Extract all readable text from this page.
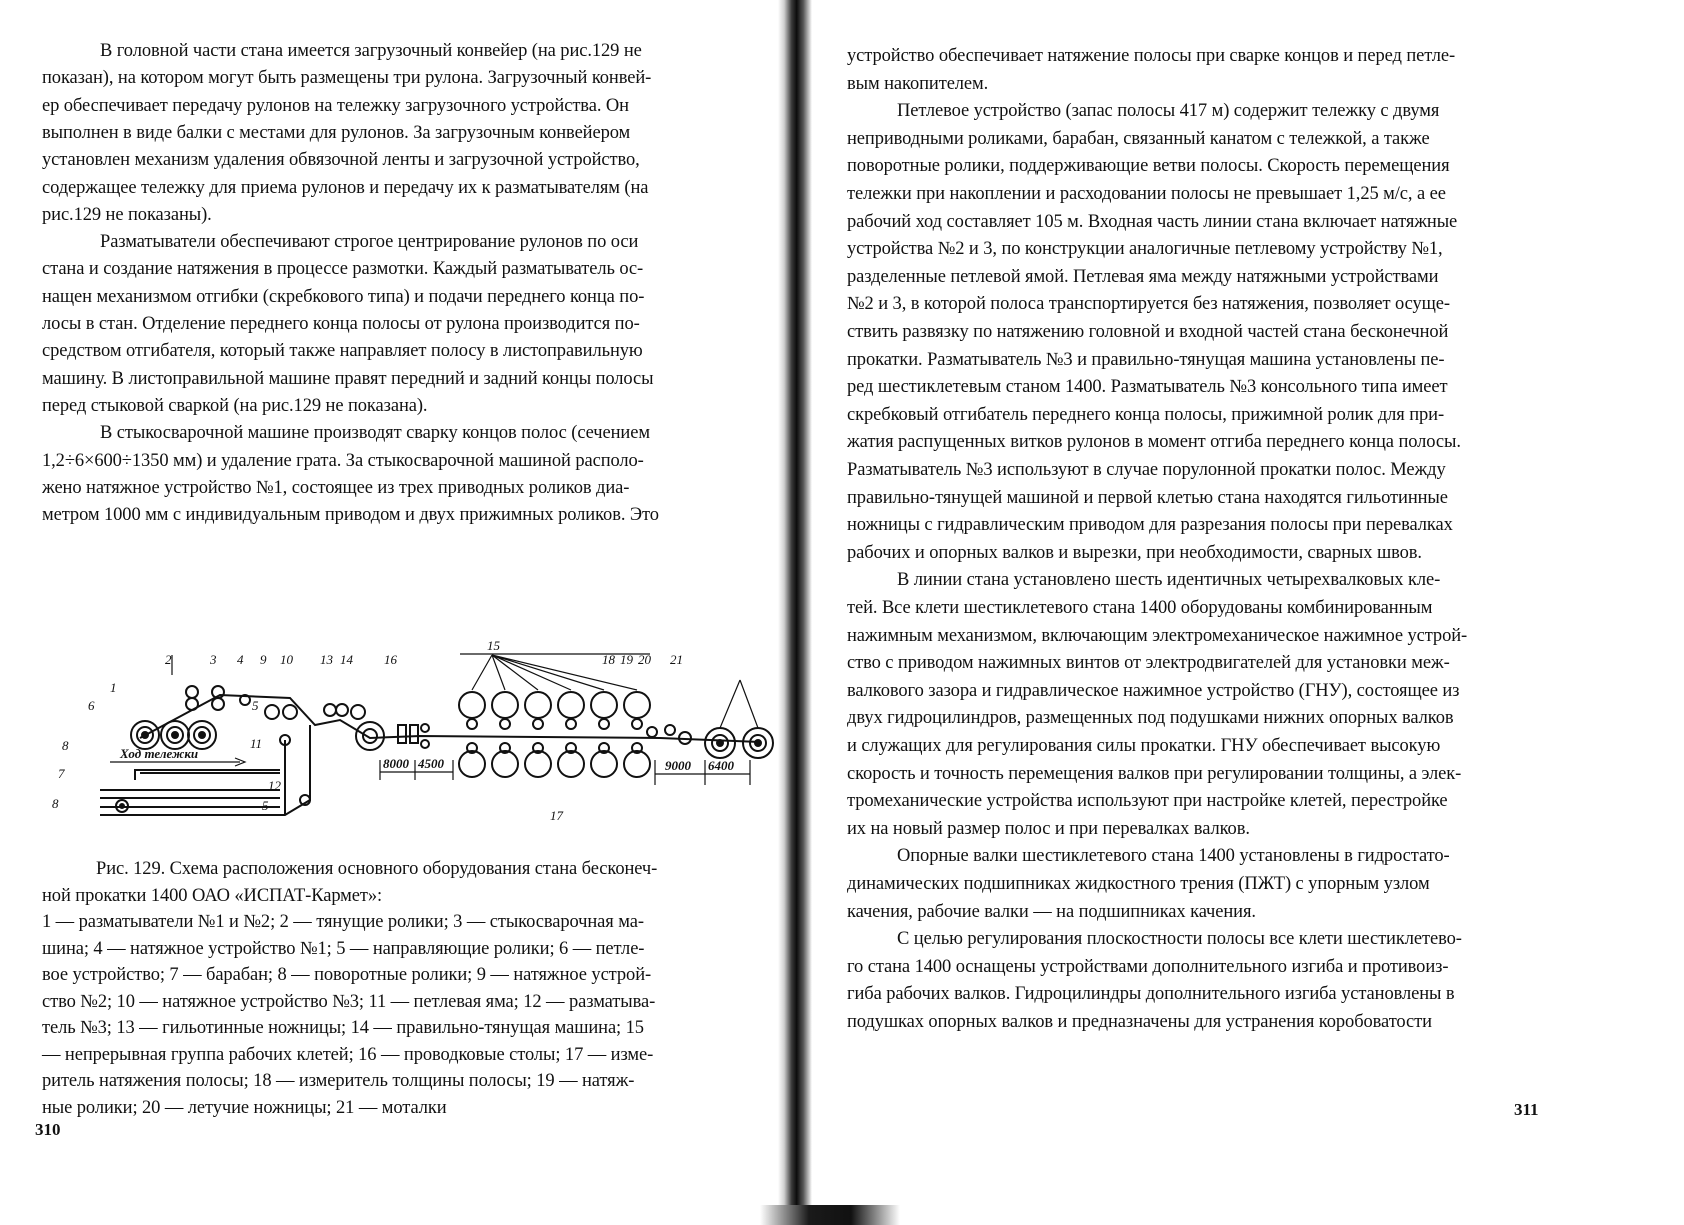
В головной части стана имеется загрузочный конвейер (на рис.129 не
показан), на котором могут быть размещены три рулона. Загрузочный конвей-
ер обеспечивает передачу рулонов на тележку загрузочного устройства. Он
выполнен в виде балки с местами для рулонов. За загрузочным конвейером
установлен механизм удаления обвязочной ленты и загрузочной устройство,
содержащее тележку для приема рулонов и передачу их к разматывателям (на
рис.129 не показаны).
Разматыватели обеспечивают строгое центрирование рулонов по оси
стана и создание натяжения в процессе размотки. Каждый разматыватель ос-
нащен механизмом отгибки (скребкового типа) и подачи переднего конца по-
лосы в стан. Отделение переднего конца полосы от рулона производится по-
средством отгибателя, который также направляет полосу в листоправильную
машину. В листоправильной машине правят передний и задний концы полосы
перед стыковой сваркой (на рис.129 не показана).
В стыкосварочной машине производят сварку концов полос (сечением
1,2÷6×600÷1350 мм) и удаление грата. За стыкосварочной машиной располо-
жено натяжное устройство №1, состоящее из трех приводных роликов диа-
метром 1000 мм с индивидуальным приводом и двух прижимных роликов. Это
1
2	3 4
5
5
6
7
8
8
9 10
11
12
13 14
15
16
17
18 19 20 21
Ход тележки
8000 4500	9000 6400
Рис. 129. Схема расположения основного оборудования стана бесконеч-
ной прокатки 1400 ОАО «ИСПАТ-Кармет»:
1 — разматыватели №1 и №2; 2 — тянущие ролики; 3 — стыкосварочная ма-
шина; 4 — натяжное устройство №1; 5 — направляющие ролики; 6 — петле-
вое устройство; 7 — барабан; 8 — поворотные ролики; 9 — натяжное устрой-
ство №2; 10 — натяжное устройство №3; 11 — петлевая яма; 12 — разматыва-
тель №3; 13 — гильотинные ножницы; 14 — правильно-тянущая машина; 15
— непрерывная группа рабочих клетей; 16 — проводковые столы; 17 — изме-
ритель натяжения полосы; 18 — измеритель толщины полосы; 19 — натяж-
ные ролики; 20 — летучие ножницы; 21 — моталки
310
устройство обеспечивает натяжение полосы при сварке концов и перед петле-
вым накопителем.
Петлевое устройство (запас полосы 417 м) содержит тележку с двумя
неприводными роликами, барабан, связанный канатом с тележкой, а также
поворотные ролики, поддерживающие ветви полосы. Скорость перемещения
тележки при накоплении и расходовании полосы не превышает 1,25 м/с, а ее
рабочий ход составляет 105 м. Входная часть линии стана включает натяжные
устройства №2 и 3, по конструкции аналогичные петлевому устройству №1,
разделенные петлевой ямой. Петлевая яма между натяжными устройствами
№2 и 3, в которой полоса транспортируется без натяжения, позволяет осуще-
ствить развязку по натяжению головной и входной частей стана бесконечной
прокатки. Разматыватель №3 и правильно-тянущая машина установлены пе-
ред шестиклетевым станом 1400. Разматыватель №3 консольного типа имеет
скребковый отгибатель переднего конца полосы, прижимной ролик для при-
жатия распущенных витков рулонов в момент отгиба переднего конца полосы.
Разматыватель №3 используют в случае порулонной прокатки полос. Между
правильно-тянущей машиной и первой клетью стана находятся гильотинные
ножницы с гидравлическим приводом для разрезания полосы при перевалках
рабочих и опорных валков и вырезки, при необходимости, сварных швов.
В линии стана установлено шесть идентичных четырехвалковых кле-
тей. Все клети шестиклетевого стана 1400 оборудованы комбинированным
нажимным механизмом, включающим электромеханическое нажимное устрой-
ство с приводом нажимных винтов от электродвигателей для установки меж-
валкового зазора и гидравлическое нажимное устройство (ГНУ), состоящее из
двух гидроцилиндров, размещенных под подушками нижних опорных валков
и служащих для регулирования силы прокатки. ГНУ обеспечивает высокую
скорость и точность перемещения валков при регулировании толщины, а элек-
тромеханические устройства используют при настройке клетей, перестройке
их на новый размер полос и при перевалках валков.
Опорные валки шестиклетевого стана 1400 установлены в гидростато-
динамических подшипниках жидкостного трения (ПЖТ) с упорным узлом
качения, рабочие валки — на подшипниках качения.
С целью регулирования плоскостности полосы все клети шестиклетево-
го стана 1400 оснащены устройствами дополнительного изгиба и противоиз-
гиба рабочих валков. Гидроцилиндры дополнительного изгиба установлены в
подушках опорных валков и предназначены для устранения коробоватости
311
